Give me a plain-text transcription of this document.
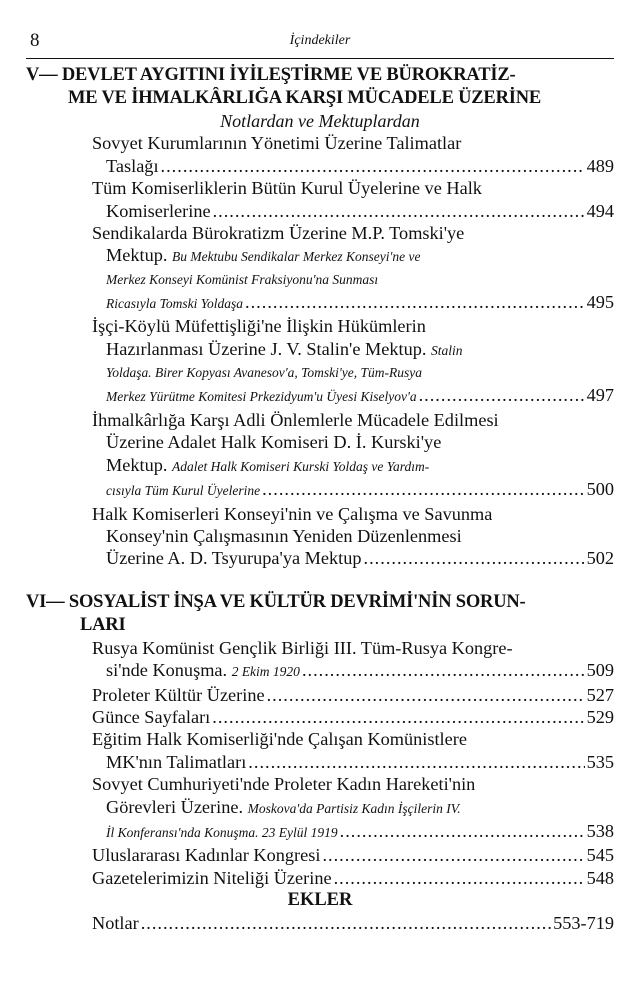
8	İçindekiler
V— DEVLET AYGITINI İYİLEŞTİRME VE BÜROKRATİZ-
ME VE İHMALKÂRLIĞA KARŞI MÜCADELE ÜZERİNE
Notlardan ve Mektuplardan
Sovyet Kurumlarının Yönetimi Üzerine Talimatlar
Taslağı .....	489
Tüm Komiserliklerin Bütün Kurul Üyelerine ve Halk
Komiserlerine .....	494
Sendikalarda Bürokratizm Üzerine M.P. Tomski'ye
Mektup. Bu Mektubu Sendikalar Merkez Konseyi'ne ve
Merkez Konseyi Komünist Fraksiyonu'na Sunması
Ricasıyla Tomski Yoldaşa .....	495
İşçi-Köylü Müfettişliği'ne İlişkin Hükümlerin
Hazırlanması Üzerine J. V. Stalin'e Mektup. Stalin
Yoldaşa. Birer Kopyası Avanesov'a, Tomski'ye, Tüm-Rusya
Merkez Yürütme Komitesi Prkezidyum'u Üyesi Kiselyov'a .....	497
İhmalkârlığa Karşı Adli Önlemlerle Mücadele Edilmesi
Üzerine Adalet Halk Komiseri D. İ. Kurski'ye
Mektup. Adalet Halk Komiseri Kurski Yoldaş ve Yardım-
cısıyla Tüm Kurul Üyelerine .....	500
Halk Komiserleri Konseyi'nin ve Çalışma ve Savunma
Konsey'nin Çalışmasının Yeniden Düzenlenmesi
Üzerine A. D. Tsyurupa'ya Mektup .....	502
VI— SOSYALİST İNŞA VE KÜLTÜR DEVRİMİ'NİN SORUN-
LARI
Rusya Komünist Gençlik Birliği III. Tüm-Rusya Kongre-
si'nde Konuşma. 2 Ekim 1920 .....	509
Proleter Kültür Üzerine .....	527
Günce Sayfaları .....	529
Eğitim Halk Komiserliği'nde Çalışan Komünistlere
MK'nın Talimatları .....	535
Sovyet Cumhuriyeti'nde Proleter Kadın Hareketi'nin
Görevleri Üzerine. Moskova'da Partisiz Kadın İşçilerin IV.
İl Konferansı'nda Konuşma. 23 Eylül 1919 .....	538
Uluslararası Kadınlar Kongresi .....	545
Gazetelerimizin Niteliği Üzerine .....	548
EKLER
Notlar .....	553-719
